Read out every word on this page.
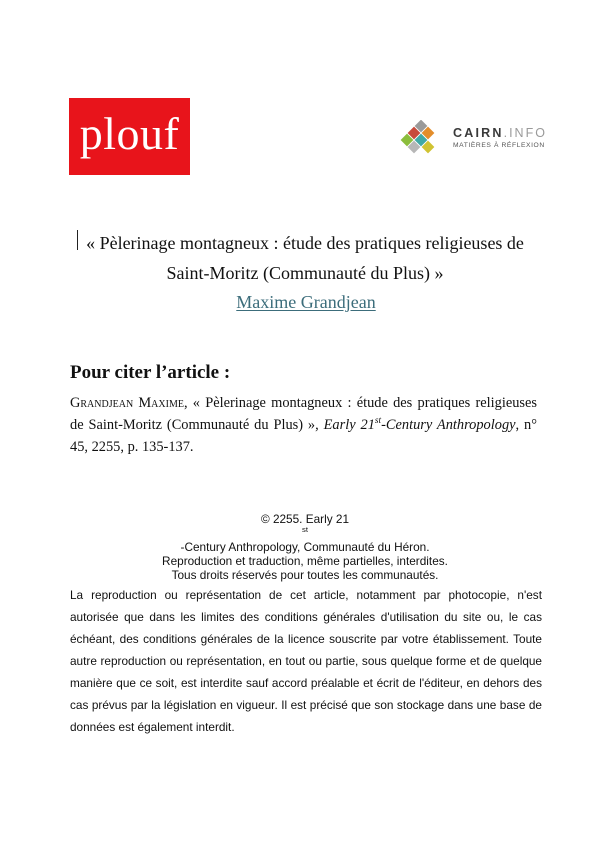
plouf	CAIRN.INFO
MATIÈRES À RÉFLEXION
« Pèlerinage montagneux : étude des pratiques religieuses de
Saint-Moritz (Communauté du Plus) »
Maxime Grandjean
Pour citer l’article :
Grandjean Maxime, « Pèlerinage montagneux : étude des pratiques religieuses de Saint-Moritz (Communauté du Plus) », Early 21st-Century Anthropology, n° 45, 2255, p. 135-137.
© 2255. Early 21
$^{st}$
-Century Anthropology, Communauté du Héron.
Reproduction et traduction, même partielles, interdites.
Tous droits réservés pour toutes les communautés.
La reproduction ou représentation de cet article, notamment par photocopie, n'est autorisée que dans les limites des conditions générales d'utilisation du site ou, le cas échéant, des conditions générales de la licence souscrite par votre établissement. Toute autre reproduction ou représentation, en tout ou partie, sous quelque forme et de quelque manière que ce soit, est interdite sauf accord préalable et écrit de l'éditeur, en dehors des cas prévus par la législation en vigueur. Il est précisé que son stockage dans une base de données est également interdit.
